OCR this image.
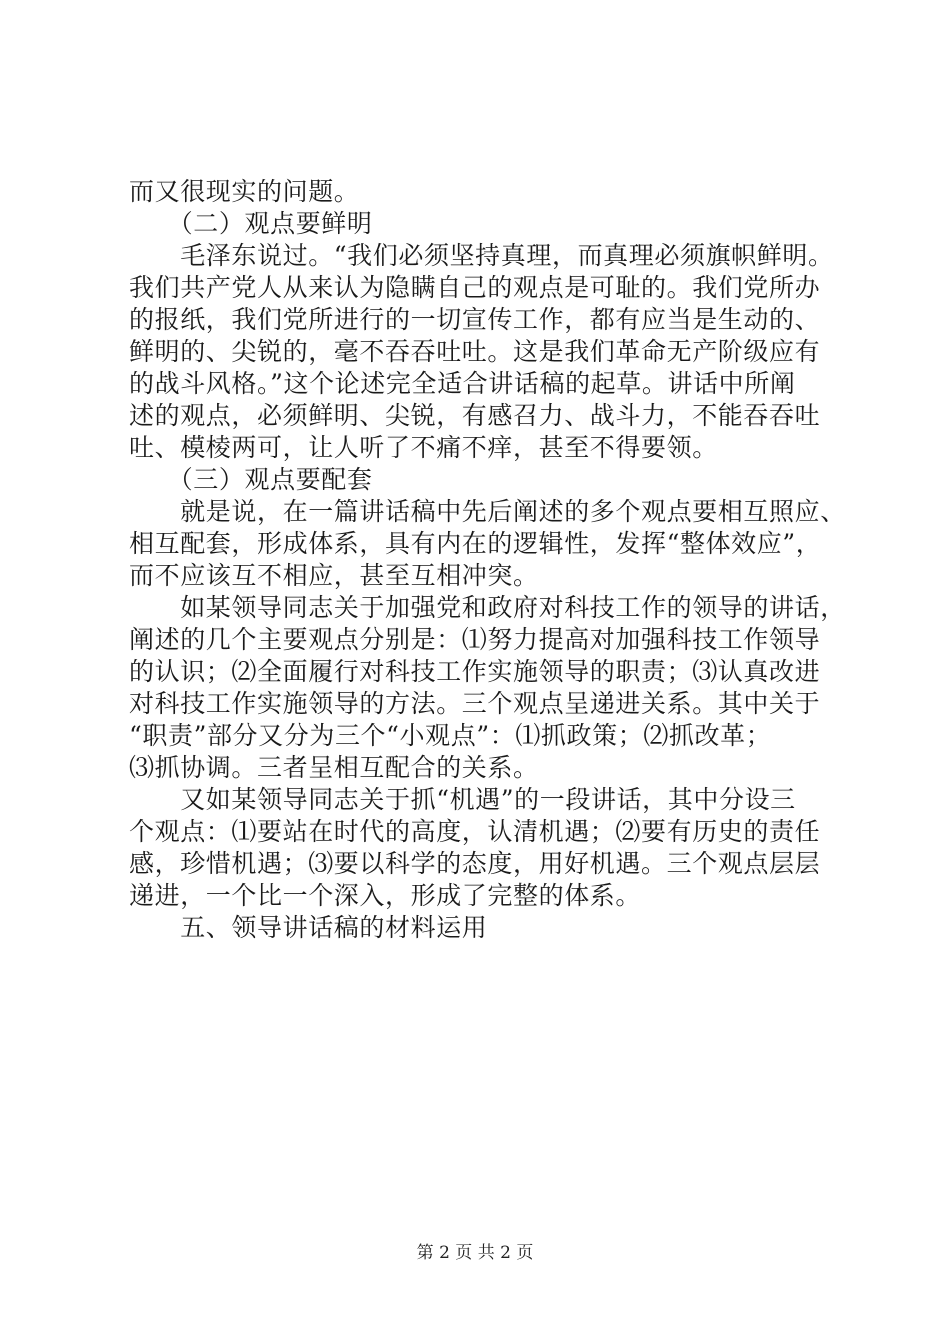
而又很现实的问题。
　　（二）观点要鲜明
　　毛泽东说过。“我们必须坚持真理，而真理必须旗帜鲜明。
我们共产党人从来认为隐瞒自己的观点是可耻的。我们党所办
的报纸，我们党所进行的一切宣传工作，都有应当是生动的、
鲜明的、尖锐的，毫不吞吞吐吐。这是我们革命无产阶级应有
的战斗风格。”这个论述完全适合讲话稿的起草。讲话中所阐
述的观点，必须鲜明、尖锐，有感召力、战斗力，不能吞吞吐
吐、模棱两可，让人听了不痛不痒，甚至不得要领。
　　（三）观点要配套
　　就是说，在一篇讲话稿中先后阐述的多个观点要相互照应、
相互配套，形成体系，具有内在的逻辑性，发挥“整体效应”，
而不应该互不相应，甚至互相冲突。
　　如某领导同志关于加强党和政府对科技工作的领导的讲话，
阐述的几个主要观点分别是：⑴努力提高对加强科技工作领导
的认识；⑵全面履行对科技工作实施领导的职责；⑶认真改进
对科技工作实施领导的方法。三个观点呈递进关系。其中关于
“职责”部分又分为三个“小观点”：⑴抓政策；⑵抓改革；
⑶抓协调。三者呈相互配合的关系。
　　又如某领导同志关于抓“机遇”的一段讲话，其中分设三
个观点：⑴要站在时代的高度，认清机遇；⑵要有历史的责任
感，珍惜机遇；⑶要以科学的态度，用好机遇。三个观点层层
递进，一个比一个深入，形成了完整的体系。
　　五、领导讲话稿的材料运用
第 2 页 共 2 页
